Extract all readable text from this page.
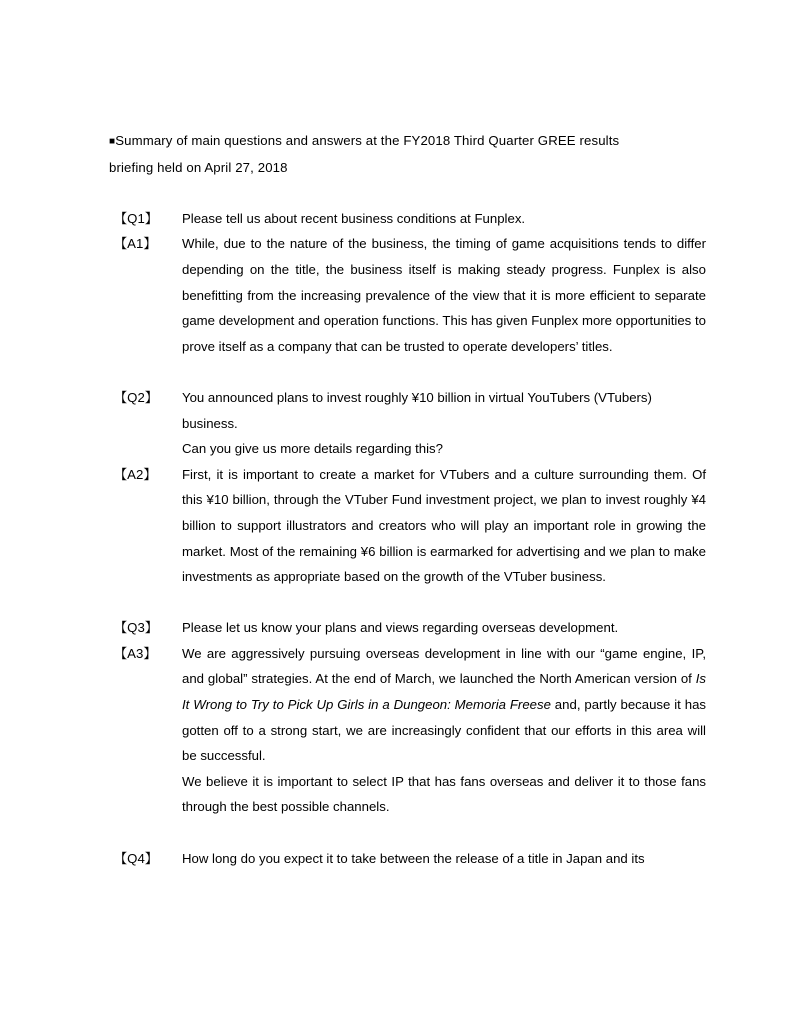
■Summary of main questions and answers at the FY2018 Third Quarter GREE results
briefing held on April 27, 2018
【Q1】	Please tell us about recent business conditions at Funplex.

【A1】	While, due to the nature of the business, the timing of game acquisitions tends to differ depending on the title, the business itself is making steady progress. Funplex is also benefitting from the increasing prevalence of the view that it is more efficient to separate game development and operation functions. This has given Funplex more opportunities to prove itself as a company that can be trusted to operate developers’ titles.

【Q2】	You announced plans to invest roughly ¥10 billion in virtual YouTubers (VTubers) business.

Can you give us more details regarding this?

【A2】	First, it is important to create a market for VTubers and a culture surrounding them. Of this ¥10 billion, through the VTuber Fund investment project, we plan to invest roughly ¥4 billion to support illustrators and creators who will play an important role in growing the market. Most of the remaining ¥6 billion is earmarked for advertising and we plan to make investments as appropriate based on the growth of the VTuber business.

【Q3】	Please let us know your plans and views regarding overseas development.

【A3】	We are aggressively pursuing overseas development in line with our “game engine, IP, and global” strategies. At the end of March, we launched the North American version of Is It Wrong to Try to Pick Up Girls in a Dungeon: Memoria Freese and, partly because it has gotten off to a strong start, we are increasingly confident that our efforts in this area will be successful.

We believe it is important to select IP that has fans overseas and deliver it to those fans through the best possible channels.

【Q4】	How long do you expect it to take between the release of a title in Japan and its
